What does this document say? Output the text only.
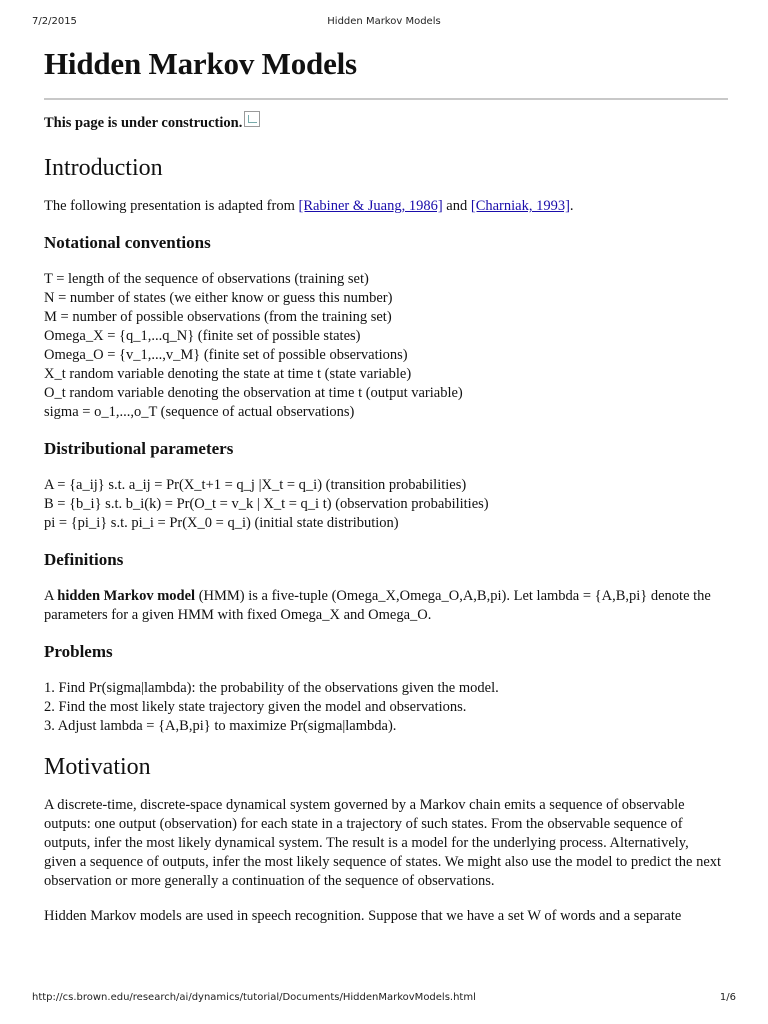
7/2/2015	Hidden Markov Models
Hidden Markov Models
This page is under construction.
Introduction

The following presentation is adapted from [Rabiner & Juang, 1986] and [Charniak, 1993].

Notational conventions
T = length of the sequence of observations (training set)
N = number of states (we either know or guess this number)
M = number of possible observations (from the training set)
Omega_X = {q_1,...q_N} (finite set of possible states)
Omega_O = {v_1,...,v_M} (finite set of possible observations)
X_t random variable denoting the state at time t (state variable)
O_t random variable denoting the observation at time t (output variable)
sigma = o_1,...,o_T (sequence of actual observations)
Distributional parameters
A = {a_ij} s.t. a_ij = Pr(X_t+1 = q_j |X_t = q_i) (transition probabilities)
B = {b_i} s.t. b_i(k) = Pr(O_t = v_k | X_t = q_i t) (observation probabilities)
pi = {pi_i} s.t. pi_i = Pr(X_0 = q_i) (initial state distribution)
Definitions

A hidden Markov model (HMM) is a five-tuple (Omega_X,Omega_O,A,B,pi). Let lambda = {A,B,pi} denote the parameters for a given HMM with fixed Omega_X and Omega_O.

Problems
1. Find Pr(sigma|lambda): the probability of the observations given the model.
2. Find the most likely state trajectory given the model and observations.
3. Adjust lambda = {A,B,pi} to maximize Pr(sigma|lambda).
Motivation

A discrete-time, discrete-space dynamical system governed by a Markov chain emits a sequence of observable outputs: one output (observation) for each state in a trajectory of such states. From the observable sequence of outputs, infer the most likely dynamical system. The result is a model for the underlying process. Alternatively, given a sequence of outputs, infer the most likely sequence of states. We might also use the model to predict the next observation or more generally a continuation of the sequence of observations.

Hidden Markov models are used in speech recognition. Suppose that we have a set W of words and a separate

http://cs.brown.edu/research/ai/dynamics/tutorial/Documents/HiddenMarkovModels.html	1/6
